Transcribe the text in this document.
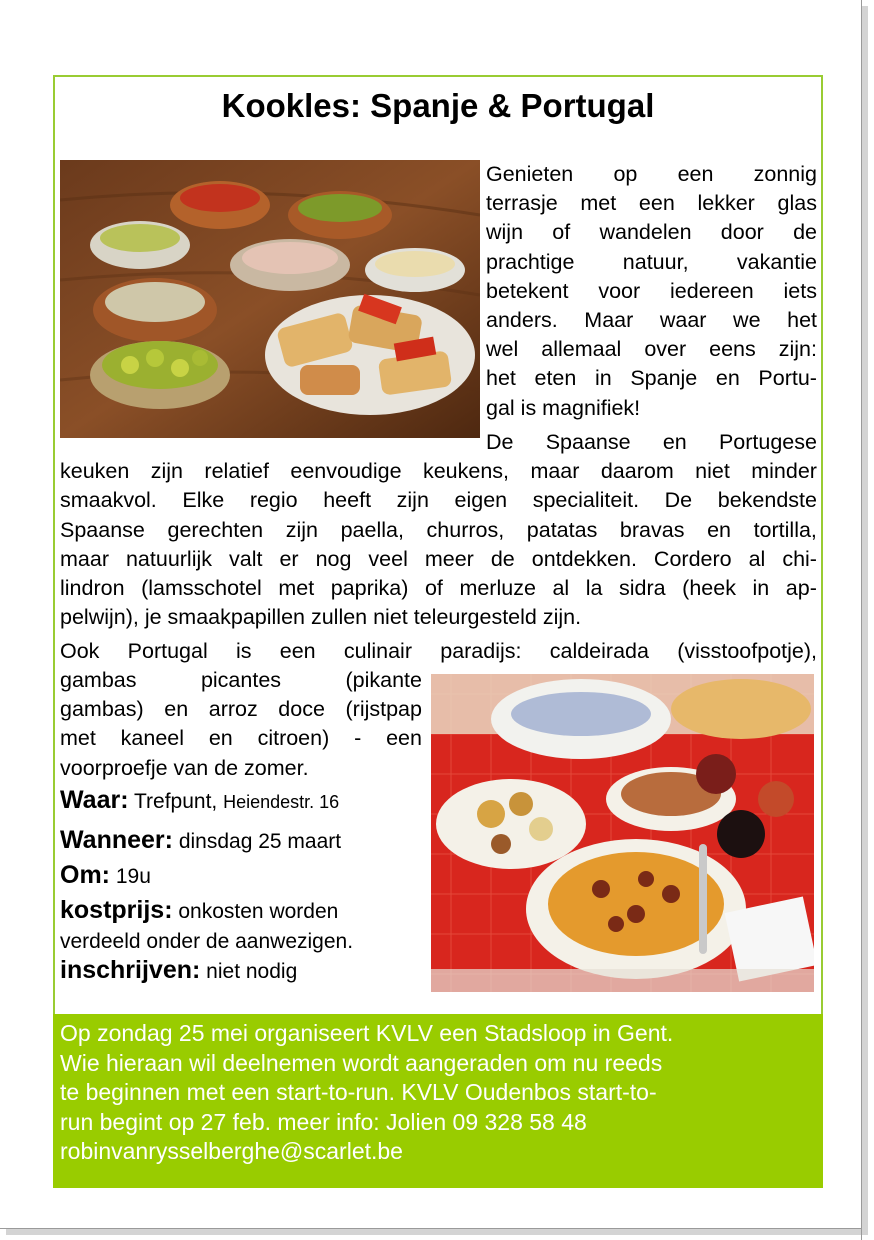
Kookles: Spanje & Portugal
Genieten op een zonnig
terrasje met een lekker glas
wijn of wandelen door de
prachtige natuur, vakantie
betekent voor iedereen iets
anders. Maar waar we het
wel allemaal over eens zijn:
het eten in Spanje en Portu-
gal is magnifiek!
De Spaanse en Portugese
keuken zijn relatief eenvoudige keukens, maar daarom niet minder
smaakvol. Elke regio heeft zijn eigen specialiteit. De bekendste
Spaanse gerechten zijn paella, churros, patatas bravas en tortilla,
maar natuurlijk valt er nog veel meer de ontdekken. Cordero al chi-
lindron (lamsschotel met paprika) of merluze al la sidra (heek in ap-
pelwijn), je smaakpapillen zullen niet teleurgesteld zijn.
Ook Portugal is een culinair paradijs: caldeirada (visstoofpotje),
gambas	picantes	(pikante
gambas) en arroz doce (rijstpap
met kaneel en citroen) - een
voorproefje van de zomer.
Waar: Trefpunt, Heiendestr. 16
Wanneer: dinsdag 25 maart
Om: 19u
kostprijs: onkosten worden
verdeeld onder de aanwezigen.
inschrijven: niet nodig
Op zondag 25 mei organiseert KVLV een Stadsloop in Gent.
Wie hieraan wil deelnemen wordt aangeraden om nu reeds
te beginnen met een start-to-run. KVLV Oudenbos start-to-
run begint op 27 feb. meer info: Jolien 09 328 58 48
robinvanrysselberghe@scarlet.be
